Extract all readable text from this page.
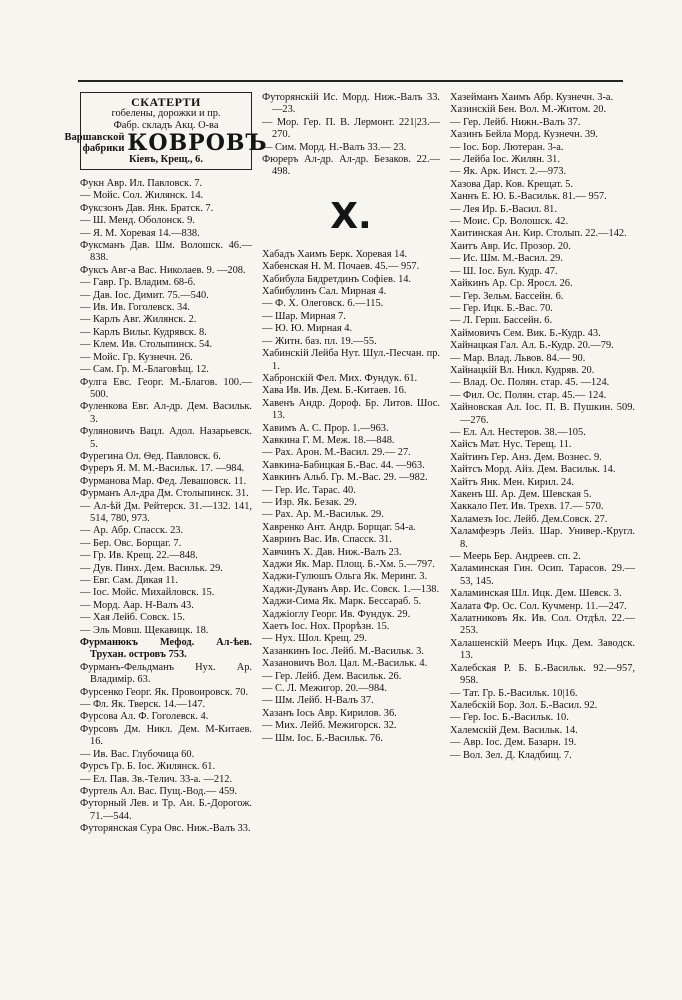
СКАТЕРТИ
гобелены, дорожки и пр.
Фабр. складъ Акц. О-ва
Варшавской
фабрики КОВРОВЪ
Кіевъ, Крещ., 6.
Фукн Авр. Ил. Павловск. 7.
— Мойс. Сол. Жилянск. 14.
Фуксзонъ Дав. Янк. Братск. 7.
— Ш. Менд. Оболонск. 9.
— Я. М. Хоревая 14.—838.
Фуксманъ Дав. Шм. Волошск. 46.—838.
Фуксъ Авг-а Вас. Николаев. 9. —208.
— Гавр. Гр. Владим. 68-б.
— Дав. Іос. Димит. 75.—540.
— Ив. Ив. Гоголевск. 34.
— Карлъ Авг. Жилянск. 2.
— Карлъ Вильг. Кудрявск. 8.
— Клем. Ив. Столыпинск. 54.
— Мойс. Гр. Кузнечн. 26.
— Сам. Гр. М.-Благовѣщ. 12.
Фулга Евс. Георг. М.-Благов. 100.—500.
Фуленкова Евг. Ал-др. Дем. Васильк. 3.
Фуляновичъ Вацл. Адол. Назарьевск. 5.
Фурегина Ол. Ѳед. Павловск. 6.
Фуреръ Я. М. М.-Васильк. 17. —984.
Фурманова Мар. Фед. Левашовск. 11.
Фурманъ Ал-дра Дм. Столыпинск. 31.
— Ал-ѣй Дм. Рейтерск. 31.—132. 141, 514, 780, 973.
— Ар. Абр. Спасск. 23.
— Бер. Овс. Борщаг. 7.
— Гр. Ив. Крещ. 22.—848.
— Дув. Пинх. Дем. Васильк. 29.
— Евг. Сам. Дикая 11.
— Іос. Мойс. Михайловск. 15.
— Морд. Аар. Н-Валъ 43.
— Хая Лейб. Совск. 15.
— Эль Мовш. Щекавицк. 18.
Фурманюкъ Мефод. Ал-ѣев. Трухан. островъ 753.
Фурманъ-Фельдманъ Нух. Ар. Владимір. 63.
Фурсенко Георг. Як. Провоировск. 70.
— Фл. Як. Тверск. 14.—147.
Фурсова Ал. Ф. Гоголевск. 4.
Фурсовъ Дм. Никл. Дем. М-Китаев. 16.
— Ив. Вас. Глубочица 60.
Фурсъ Гр. Б. Іос. Жилянск. 61.
— Ел. Пав. Зв.-Телич. 33-а. —212.
Фуртель Ал. Вас. Пущ.-Вод.— 459.
Футорный Лев. и Тр. Ан. Б.-Дорогож. 71.—544.
Футорянская Сура Овс. Ниж.-Валъ 33.
Футорянскій Ис. Морд. Ниж.-Валъ 33.—23.
— Мор. Гер. П. В. Лермонт. 221|23.—270.
— Сим. Морд. Н.-Валъ 33.— 23.
Фюреръ Ал-др. Ал-др. Безаков. 22.—498.
Х.
Хабадъ Хаимъ Берк. Хоревая 14.
Хабенская Н. М. Почаев. 45.— 957.
Хабибула Бядретдинъ Софіев. 14.
Хабибулинъ Сал. Мирная 4.
— Ф. Х. Олеговск. 6.—115.
— Шар. Мирная 7.
— Ю. Ю. Мирная 4.
— Житн. баз. пл. 19.—55.
Хабинскій Лейба Нут. Шул.-Песчан. пр. 1.
Хабронскій Фел. Мих. Фундук. 61.
Хава Ив. Ив. Дем. Б.-Китаев. 16.
Хавенъ Андр. Дороф. Бр. Литов. Шос. 13.
Хавимъ А. С. Прор. 1.—963.
Хавкина Г. М. Меж. 18.—848.
— Рах. Арон. М.-Васил. 29.— 27.
Хавкина-Бабицкая Б.-Вас. 44. —963.
Хавкинъ Альб. Гр. М.-Вас. 29. —982.
— Гер. Ис. Тарас. 40.
— Изр. Як. Безак. 29.
— Рах. Ар. М.-Васильк. 29.
Хавренко Ант. Андр. Борщаг. 54-а.
Хавринъ Вас. Ив. Спасск. 31.
Хавчинъ Х. Дав. Ниж.-Валъ 23.
Хаджи Як. Мар. Площ. Б.-Хм. 5.—797.
Хаджи-Гулюшъ Ольга Як. Меринг. 3.
Хаджи-Дуванъ Авр. Ис. Совск. 1.—138.
Хаджи-Сима Як. Марк. Бессараб. 5.
Хаджіоглу Георг. Ив. Фундук. 29.
Хаетъ Іос. Нох. Прорѣзн. 15.
— Нух. Шол. Крещ. 29.
Хазанкинъ Іос. Лейб. М.-Васильк. 3.
Хазановичъ Вол. Цал. М.-Васильк. 4.
— Гер. Лейб. Дем. Васильк. 26.
— С. Л. Межигор. 20.—984.
— Шм. Лейб. Н-Валъ 37.
Хазанъ Іось Авр. Кирилов. 36.
— Мих. Лейб. Межигорск. 32.
— Шм. Іос. Б.-Васильк. 76.
Хазейманъ Хаимъ Абр. Кузнечн. 3-а.
Хазинскій Бен. Вол. М.-Житом. 20.
— Гер. Лейб. Нижн.-Валъ 37.
Хазинъ Бейла Морд. Кузнечн. 39.
— Іос. Бор. Лютеран. 3-а.
— Лейба Іос. Жилян. 31.
— Як. Арк. Инст. 2.—973.
Хазова Дар. Ков. Крещат. 5.
Ханнъ Е. Ю. Б.-Васильк. 81.— 957.
— Лея Ир. Б.-Васил. 81.
— Моис. Ср. Волошск. 42.
Хаитинская Ан. Кир. Столып. 22.—142.
Хаитъ Авр. Ис. Прозор. 20.
— Ис. Шм. М.-Васил. 29.
— Ш. Іос. Бул. Кудр. 47.
Хайкинъ Ар. Ср. Яросл. 26.
— Гер. Зельм. Бассейн. 6.
— Гер. Ицк. Б.-Вас. 70.
— Л. Герш. Бассейн. 6.
Хаймовичъ Сем. Вик. Б.-Кудр. 43.
Хайнацкая Гал. Ал. Б.-Кудр. 20.—79.
— Мар. Влад. Львов. 84.— 90.
Хайнацкій Вл. Никл. Кудряв. 20.
— Влад. Ос. Полян. стар. 45. —124.
— Фил. Ос. Полян. стар. 45.— 124.
Хайновская Ал. Іос. П. В. Пушкин. 509.—276.
— Ел. Ал. Нестеров. 38.—105.
Хайсъ Мат. Нус. Терещ. 11.
Хайтинъ Гер. Анз. Дем. Вознес. 9.
Хайтсъ Морд. Айз. Дем. Васильк. 14.
Хайтъ Янк. Мен. Кирил. 24.
Хакенъ Ш. Ар. Дем. Шевская 5.
Хаккало Пет. Ив. Трехв. 17.— 570.
Халамезъ Іос. Лейб. Дем.Совск. 27.
Халамфеэръ Лейз. Шар. Универ.-Кругл. 8.
— Меерь Бер. Андреев. сп. 2.
Халаминская Гин. Осип. Тарасов. 29.—53, 145.
Халаминская Шл. Ицк. Дем. Шевск. 3.
Халата Фр. Ос. Сол. Кучменр. 11.—247.
Халатниковъ Як. Ив. Сол. Отдѣл. 22.—253.
Халашенскій Мееръ Ицк. Дем. Заводск. 13.
Халебская Р. Б. Б.-Васильк. 92.—957, 958.
— Тат. Гр. Б.-Васильк. 10|16.
Халебскій Бор. Зол. Б.-Васил. 92.
— Гер. Іос. Б.-Васильк. 10.
Халемскій Дем. Васильк. 14.
— Авр. Іос. Дем. Базарн. 19.
— Вол. Зел. Д. Кладбищ. 7.
